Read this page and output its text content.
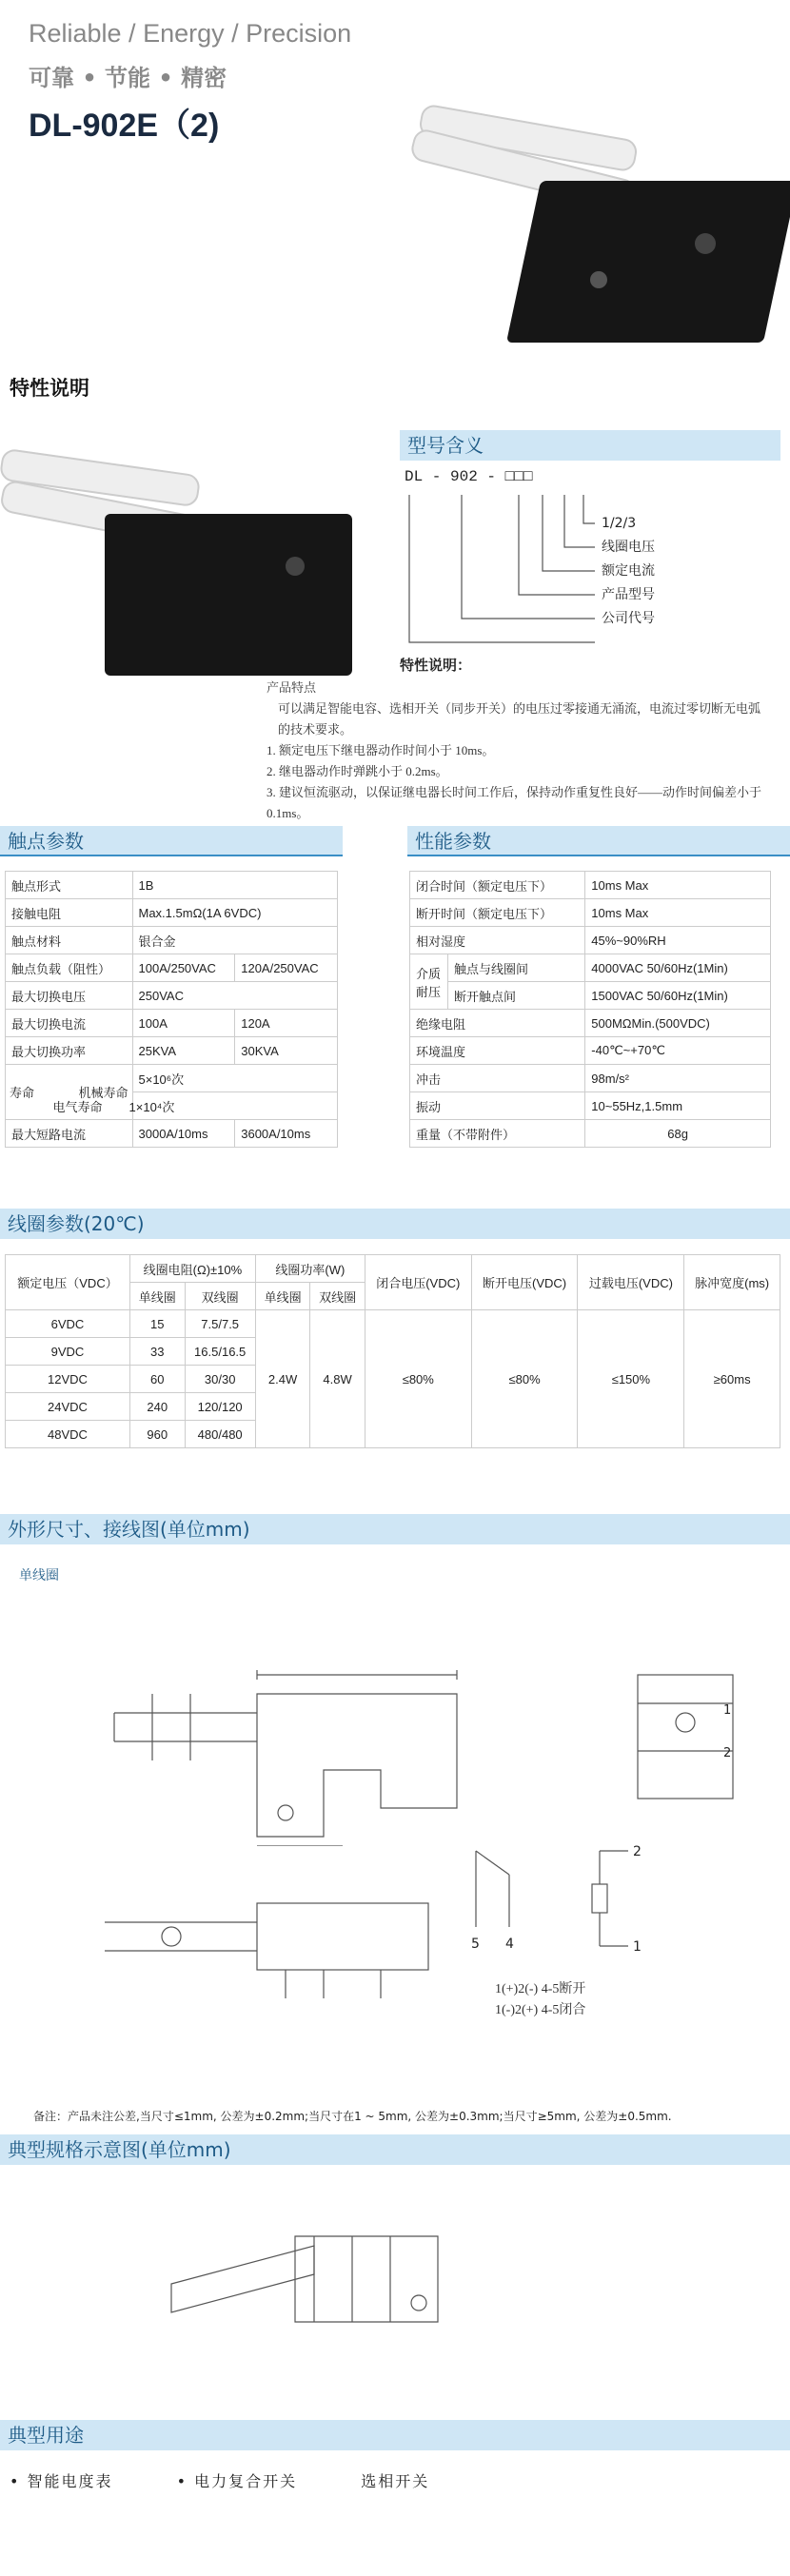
Reliable / Energy / Precision
可靠 • 节能 • 精密
DL-902E（2)
特性说明
型号含义
DL - 902 - □□□
1/2/3
线圈电压
额定电流
产品型号
公司代号
特性说明：
产品特点
可以满足智能电容、选相开关（同步开关）的电压过零接通无涌流，电流过零切断无电弧的技术要求。
1. 额定电压下继电器动作时间小于 10ms。
2. 继电器动作时弹跳小于 0.2ms。
3. 建议恒流驱动，以保证继电器长时间工作后，保持动作重复性良好——动作时间偏差小于0.1ms。
触点参数
触点形式	1B	
接触电阻	Max.1.5mΩ(1A 6VDC)	
触点材料	银合金	
触点负载（阻性）	100A/250VAC	120A/250VAC
最大切换电压	250VAC	
最大切换电流	100A	120A
最大切换功率	25KVA	30KVA
寿命 机械寿命	5×10⁶次	
	电气寿命 1×10⁴次	
最大短路电流	3000A/10ms	3600A/10ms
性能参数
闭合时间（额定电压下）		10ms Max
断开时间（额定电压下）		10ms Max
相对湿度		45%~90%RH
介质耐压	触点与线圈间	4000VAC 50/60Hz(1Min)
	断开触点间	1500VAC 50/60Hz(1Min)
绝缘电阻		500MΩMin.(500VDC)
环境温度		-40℃~+70℃
冲击		98m/s²
振动		10~55Hz,1.5mm
重量（不带附件）		68g
线圈参数(20℃)
额定电压（VDC）	线圈电阻(Ω)±10%		线圈功率(W)		闭合电压(VDC)	断开电压(VDC)	过载电压(VDC)	脉冲宽度(ms)
	单线圈	双线圈	单线圈	双线圈				
6VDC	15	7.5/7.5	2.4W	4.8W	≤80%	≤80%	≤150%	≥60ms
9VDC	33	16.5/16.5						
12VDC	60	30/30						
24VDC	240	120/120						
48VDC	960	480/480						
外形尺寸、接线图(单位mm)
单线圈
1
2
5 4
2
1
1(+)2(-) 4-5断开
1(-)2(+) 4-5闭合
备注：产品未注公差,当尺寸≤1mm, 公差为±0.2mm;当尺寸在1 ~ 5mm, 公差为±0.3mm;当尺寸≥5mm, 公差为±0.5mm.
典型规格示意图(单位mm)
典型用途
• 智能电度表	• 电力复合开关	选相开关
